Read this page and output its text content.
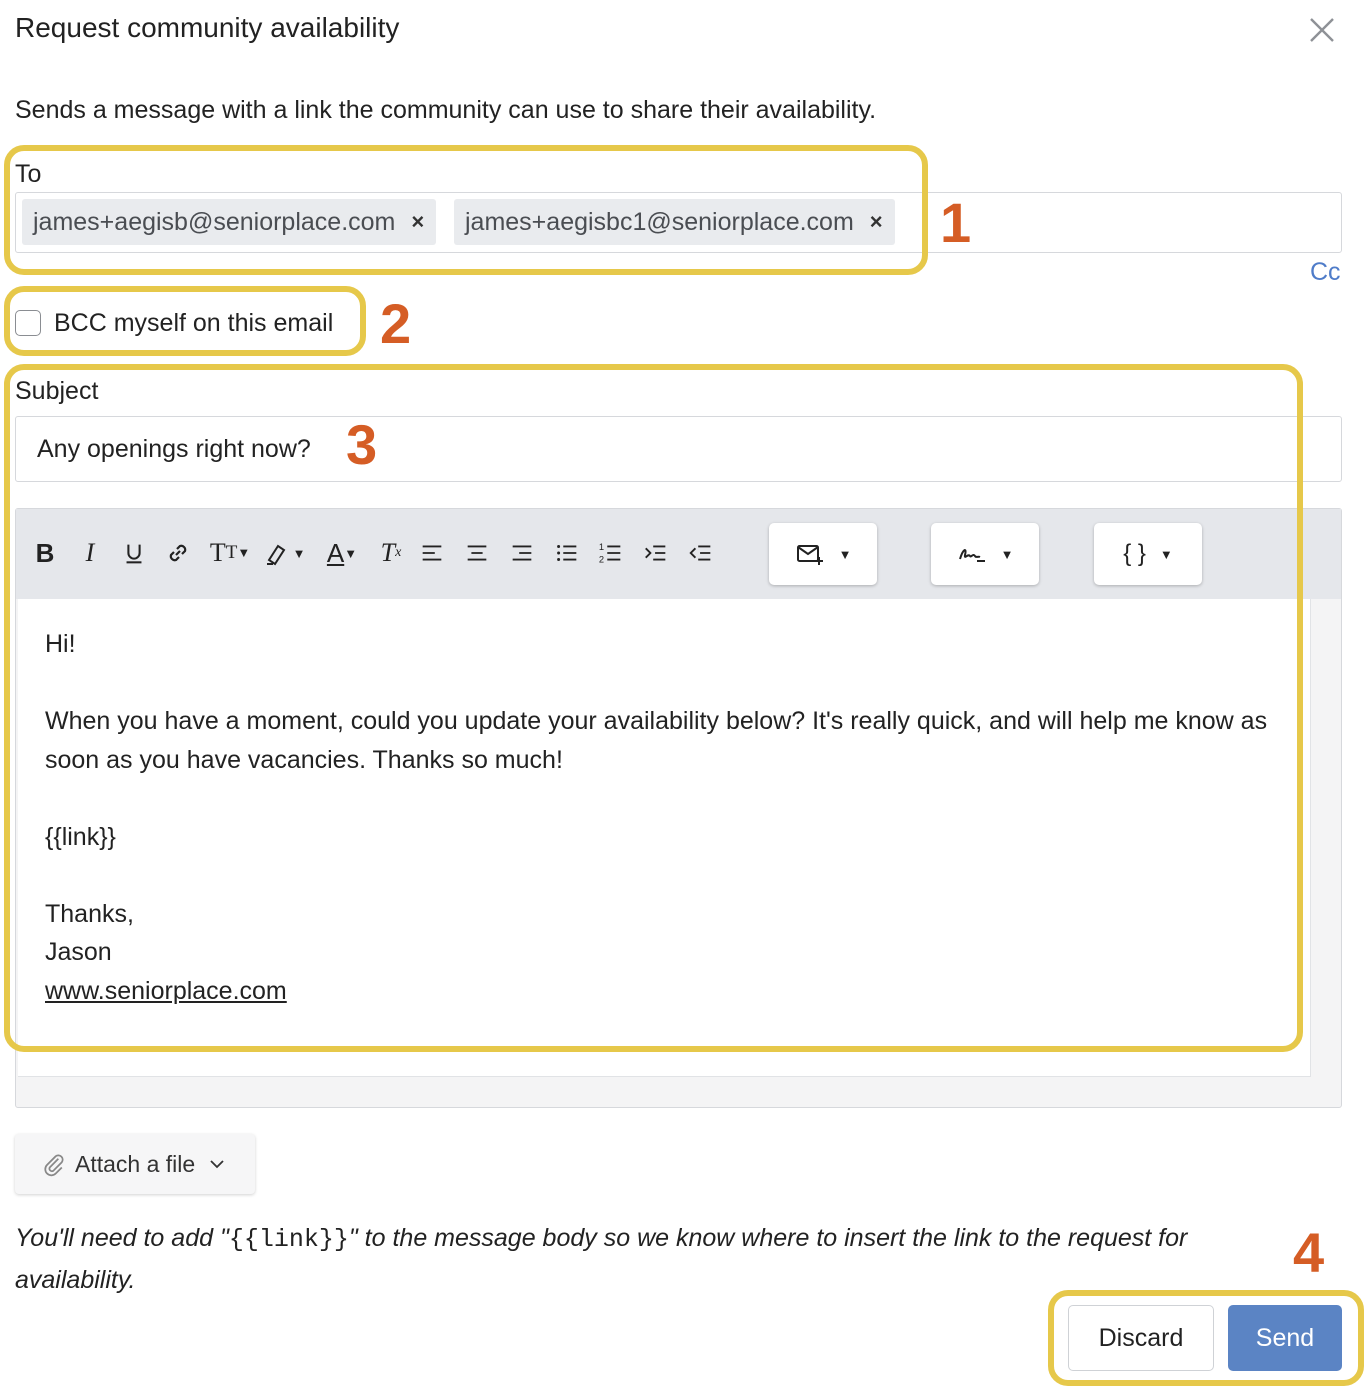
Request community availability
Sends a message with a link the community can use to share their availability.
To
james+aegisb@seniorplace.com × james+aegisbc1@seniorplace.com ×
Cc
BCC myself on this email
Subject
Any openings right now?
B	I	T T ▼	▼ A ▼ T x	1
2	▼	▼	{ } ▼

Hi!

When you have a moment, could you update your availability below? It's really quick, and will help me know as soon as you have vacancies. Thanks so much!

{{link}}

Thanks,

Jason

www.seniorplace.com

Attach a file
You'll need to add "{{link}}" to the message body so we know where to insert the link to the request for availability.
Discard	Send
1
2
3
4
